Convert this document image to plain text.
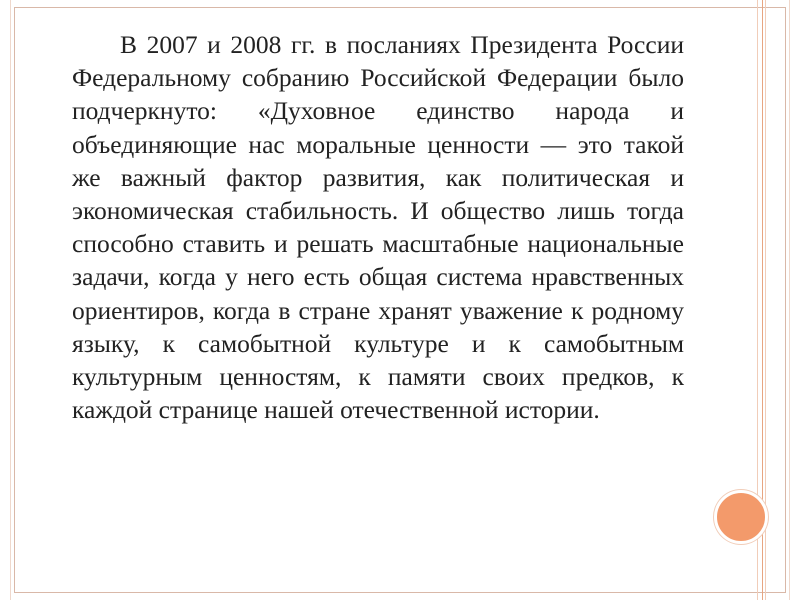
В 2007 и 2008 гг. в посланиях Президента России Федеральному собранию Российской Федерации было подчеркнуто: «Духовное единство народа и объединяющие нас моральные ценности — это такой же важный фактор развития, как политическая и экономическая стабильность. И общество лишь тогда способно ставить и решать масштабные национальные задачи, когда у него есть общая система нравственных ориентиров, когда в стране хранят уважение к родному языку, к самобытной культуре и к самобытным культурным ценностям, к памяти своих предков, к каждой странице нашей отечественной истории.
